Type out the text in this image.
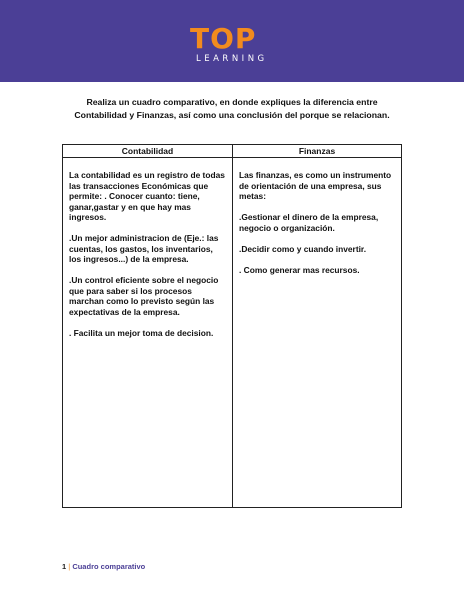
TOP
LEARNING
Realiza un cuadro comparativo, en donde expliques la diferencia entre
Contabilidad y Finanzas, así como una conclusión del porque se relacionan.
Contabilidad

La contabilidad es un registro de todas las transacciones Económicas que permite: . Conocer cuanto: tiene, ganar,gastar y en que hay mas ingresos.

.Un mejor administracion de (Eje.: las cuentas, los gastos, los inventarios, los ingresos...) de la empresa.

.Un control eficiente sobre el negocio que para saber si los procesos marchan como lo previsto según las expectativas de la empresa.

. Facilita un mejor toma de decision.

Finanzas

Las finanzas, es como un instrumento de orientación de una empresa, sus metas:

.Gestionar el dinero de la empresa, negocio o organización.

.Decidir como y cuando invertir.

. Como generar mas recursos.

1 | Cuadro comparativo
